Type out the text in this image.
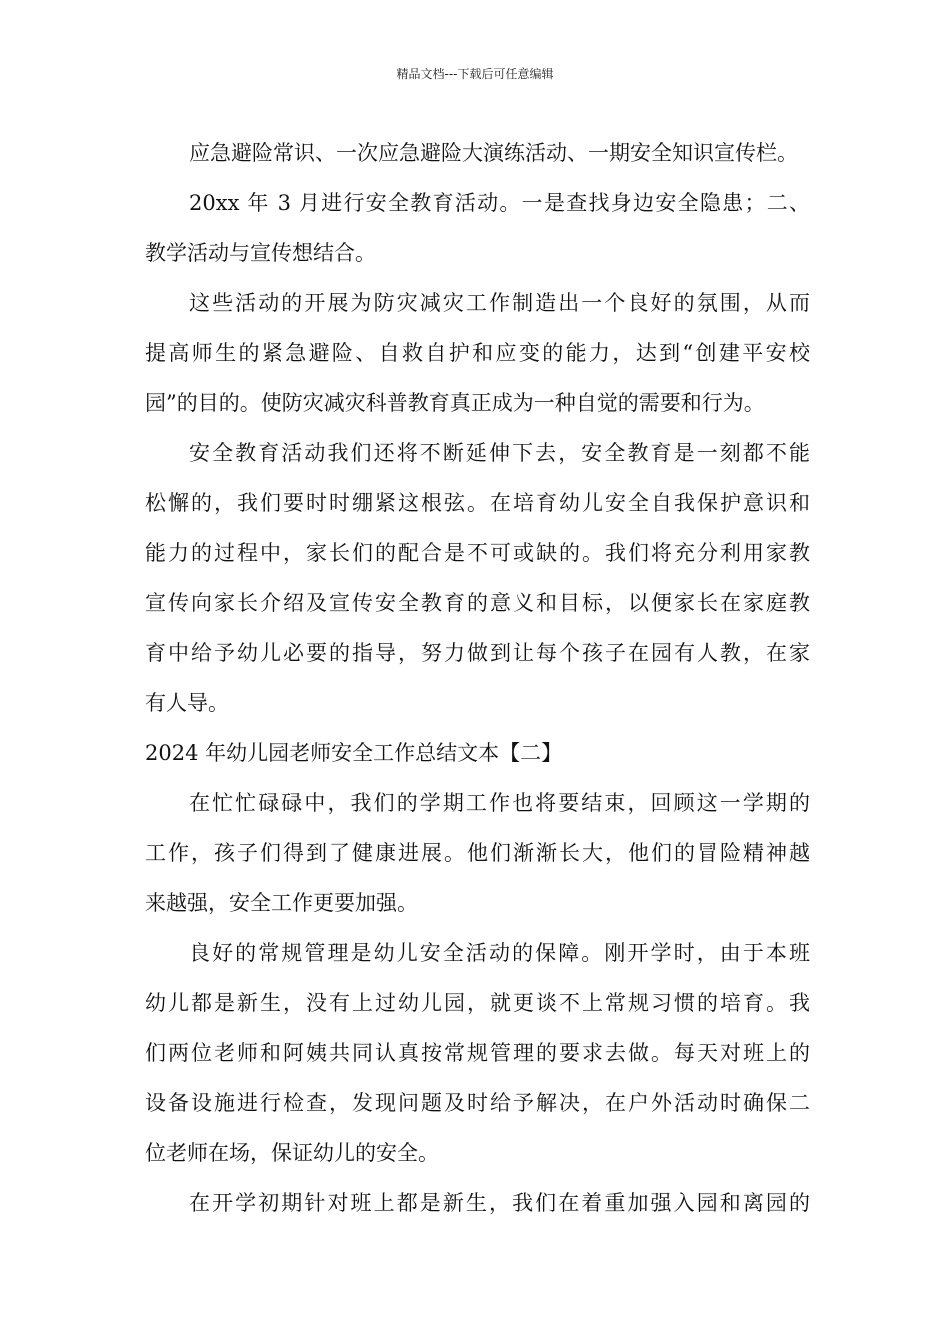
精品文档---下载后可任意编辑
应急避险常识、一次应急避险大演练活动、一期安全知识宣传栏。
20xx 年 3 月进行安全教育活动。一是查找身边安全隐患；二、
教学活动与宣传想结合。
这些活动的开展为防灾减灾工作制造出一个良好的氛围，从而
提高师生的紧急避险、自救自护和应变的能力，达到“创建平安校
园”的目的。使防灾减灾科普教育真正成为一种自觉的需要和行为。
安全教育活动我们还将不断延伸下去，安全教育是一刻都不能
松懈的，我们要时时绷紧这根弦。在培育幼儿安全自我保护意识和
能力的过程中，家长们的配合是不可或缺的。我们将充分利用家教
宣传向家长介绍及宣传安全教育的意义和目标，以便家长在家庭教
育中给予幼儿必要的指导，努力做到让每个孩子在园有人教，在家
有人导。
2024 年幼儿园老师安全工作总结文本【二】
在忙忙碌碌中，我们的学期工作也将要结束，回顾这一学期的
工作，孩子们得到了健康进展。他们渐渐长大，他们的冒险精神越
来越强，安全工作更要加强。
良好的常规管理是幼儿安全活动的保障。刚开学时，由于本班
幼儿都是新生，没有上过幼儿园，就更谈不上常规习惯的培育。我
们两位老师和阿姨共同认真按常规管理的要求去做。每天对班上的
设备设施进行检查，发现问题及时给予解决，在户外活动时确保二
位老师在场，保证幼儿的安全。
在开学初期针对班上都是新生，我们在着重加强入园和离园的
